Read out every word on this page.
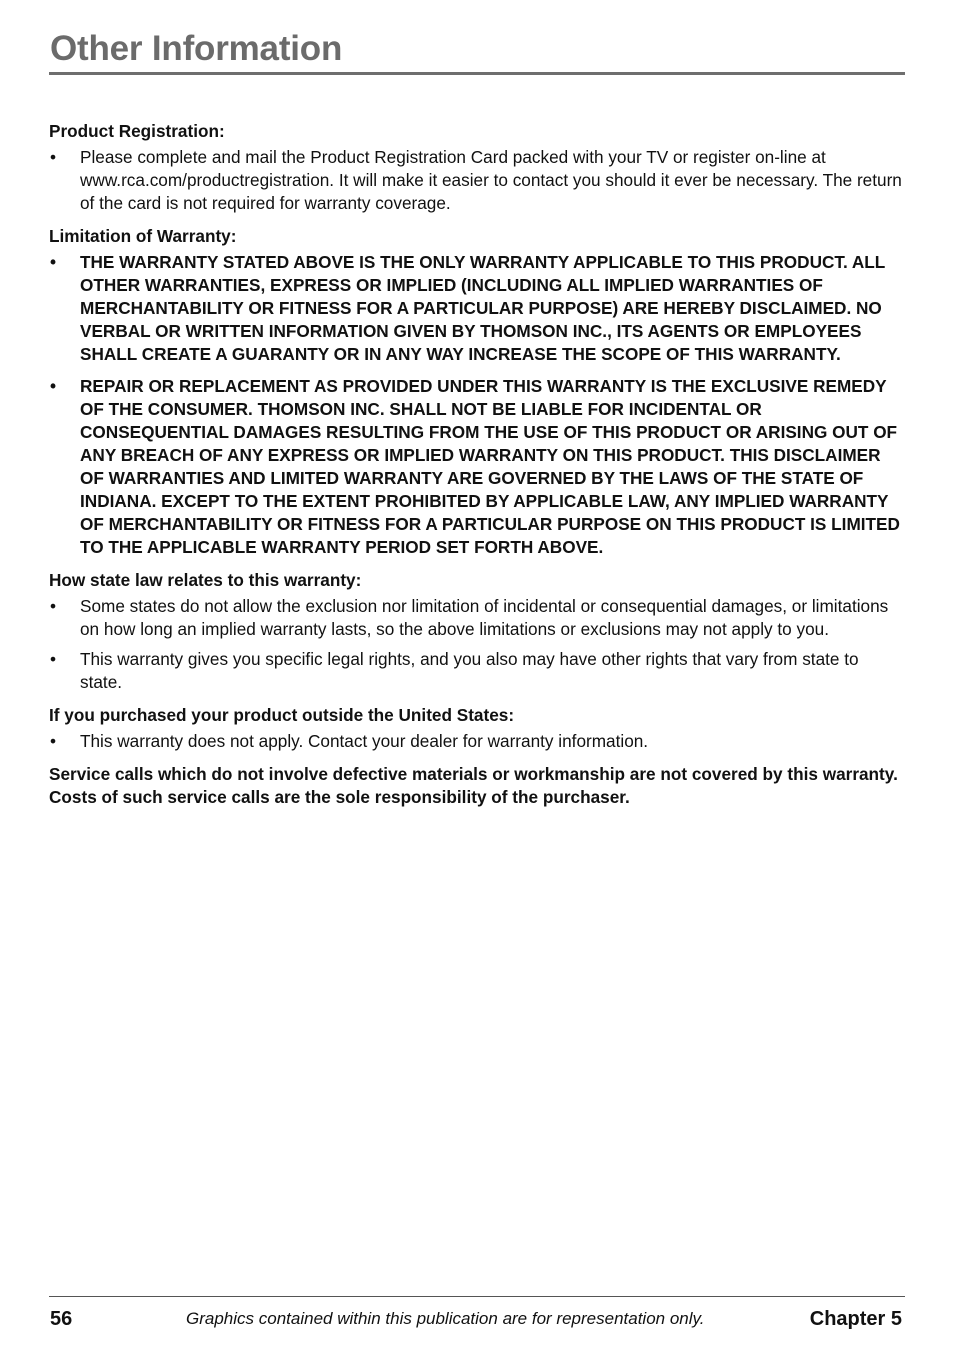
Other Information

Product Registration:

• Please complete and mail the Product Registration Card packed with your TV or register on-line at www.rca.com/productregistration. It will make it easier to contact you should it ever be necessary. The return of the card is not required for warranty coverage.

Limitation of Warranty:

• THE WARRANTY STATED ABOVE IS THE ONLY WARRANTY APPLICABLE TO THIS PRODUCT. ALL OTHER WARRANTIES, EXPRESS OR IMPLIED (INCLUDING ALL IMPLIED WARRANTIES OF MERCHANTABILITY OR FITNESS FOR A PARTICULAR PURPOSE) ARE HEREBY DISCLAIMED. NO VERBAL OR WRITTEN INFORMATION GIVEN BY THOMSON INC., ITS AGENTS OR EMPLOYEES SHALL CREATE A GUARANTY OR IN ANY WAY INCREASE THE SCOPE OF THIS WARRANTY.
• REPAIR OR REPLACEMENT AS PROVIDED UNDER THIS WARRANTY IS THE EXCLUSIVE REMEDY OF THE CONSUMER. THOMSON INC. SHALL NOT BE LIABLE FOR INCIDENTAL OR CONSEQUENTIAL DAMAGES RESULTING FROM THE USE OF THIS PRODUCT OR ARISING OUT OF ANY BREACH OF ANY EXPRESS OR IMPLIED WARRANTY ON THIS PRODUCT. THIS DISCLAIMER OF WARRANTIES AND LIMITED WARRANTY ARE GOVERNED BY THE LAWS OF THE STATE OF INDIANA. EXCEPT TO THE EXTENT PROHIBITED BY APPLICABLE LAW, ANY IMPLIED WARRANTY OF MERCHANTABILITY OR FITNESS FOR A PARTICULAR PURPOSE ON THIS PRODUCT IS LIMITED TO THE APPLICABLE WARRANTY PERIOD SET FORTH ABOVE.

How state law relates to this warranty:

• Some states do not allow the exclusion nor limitation of incidental or consequential damages, or limitations on how long an implied warranty lasts, so the above limitations or exclusions may not apply to you.
• This warranty gives you specific legal rights, and you also may have other rights that vary from state to state.

If you purchased your product outside the United States:

• This warranty does not apply. Contact your dealer for warranty information.

Service calls which do not involve defective materials or workmanship are not covered by this warranty. Costs of such service calls are the sole responsibility of the purchaser.

56	Graphics contained within this publication are for representation only.	Chapter 5
